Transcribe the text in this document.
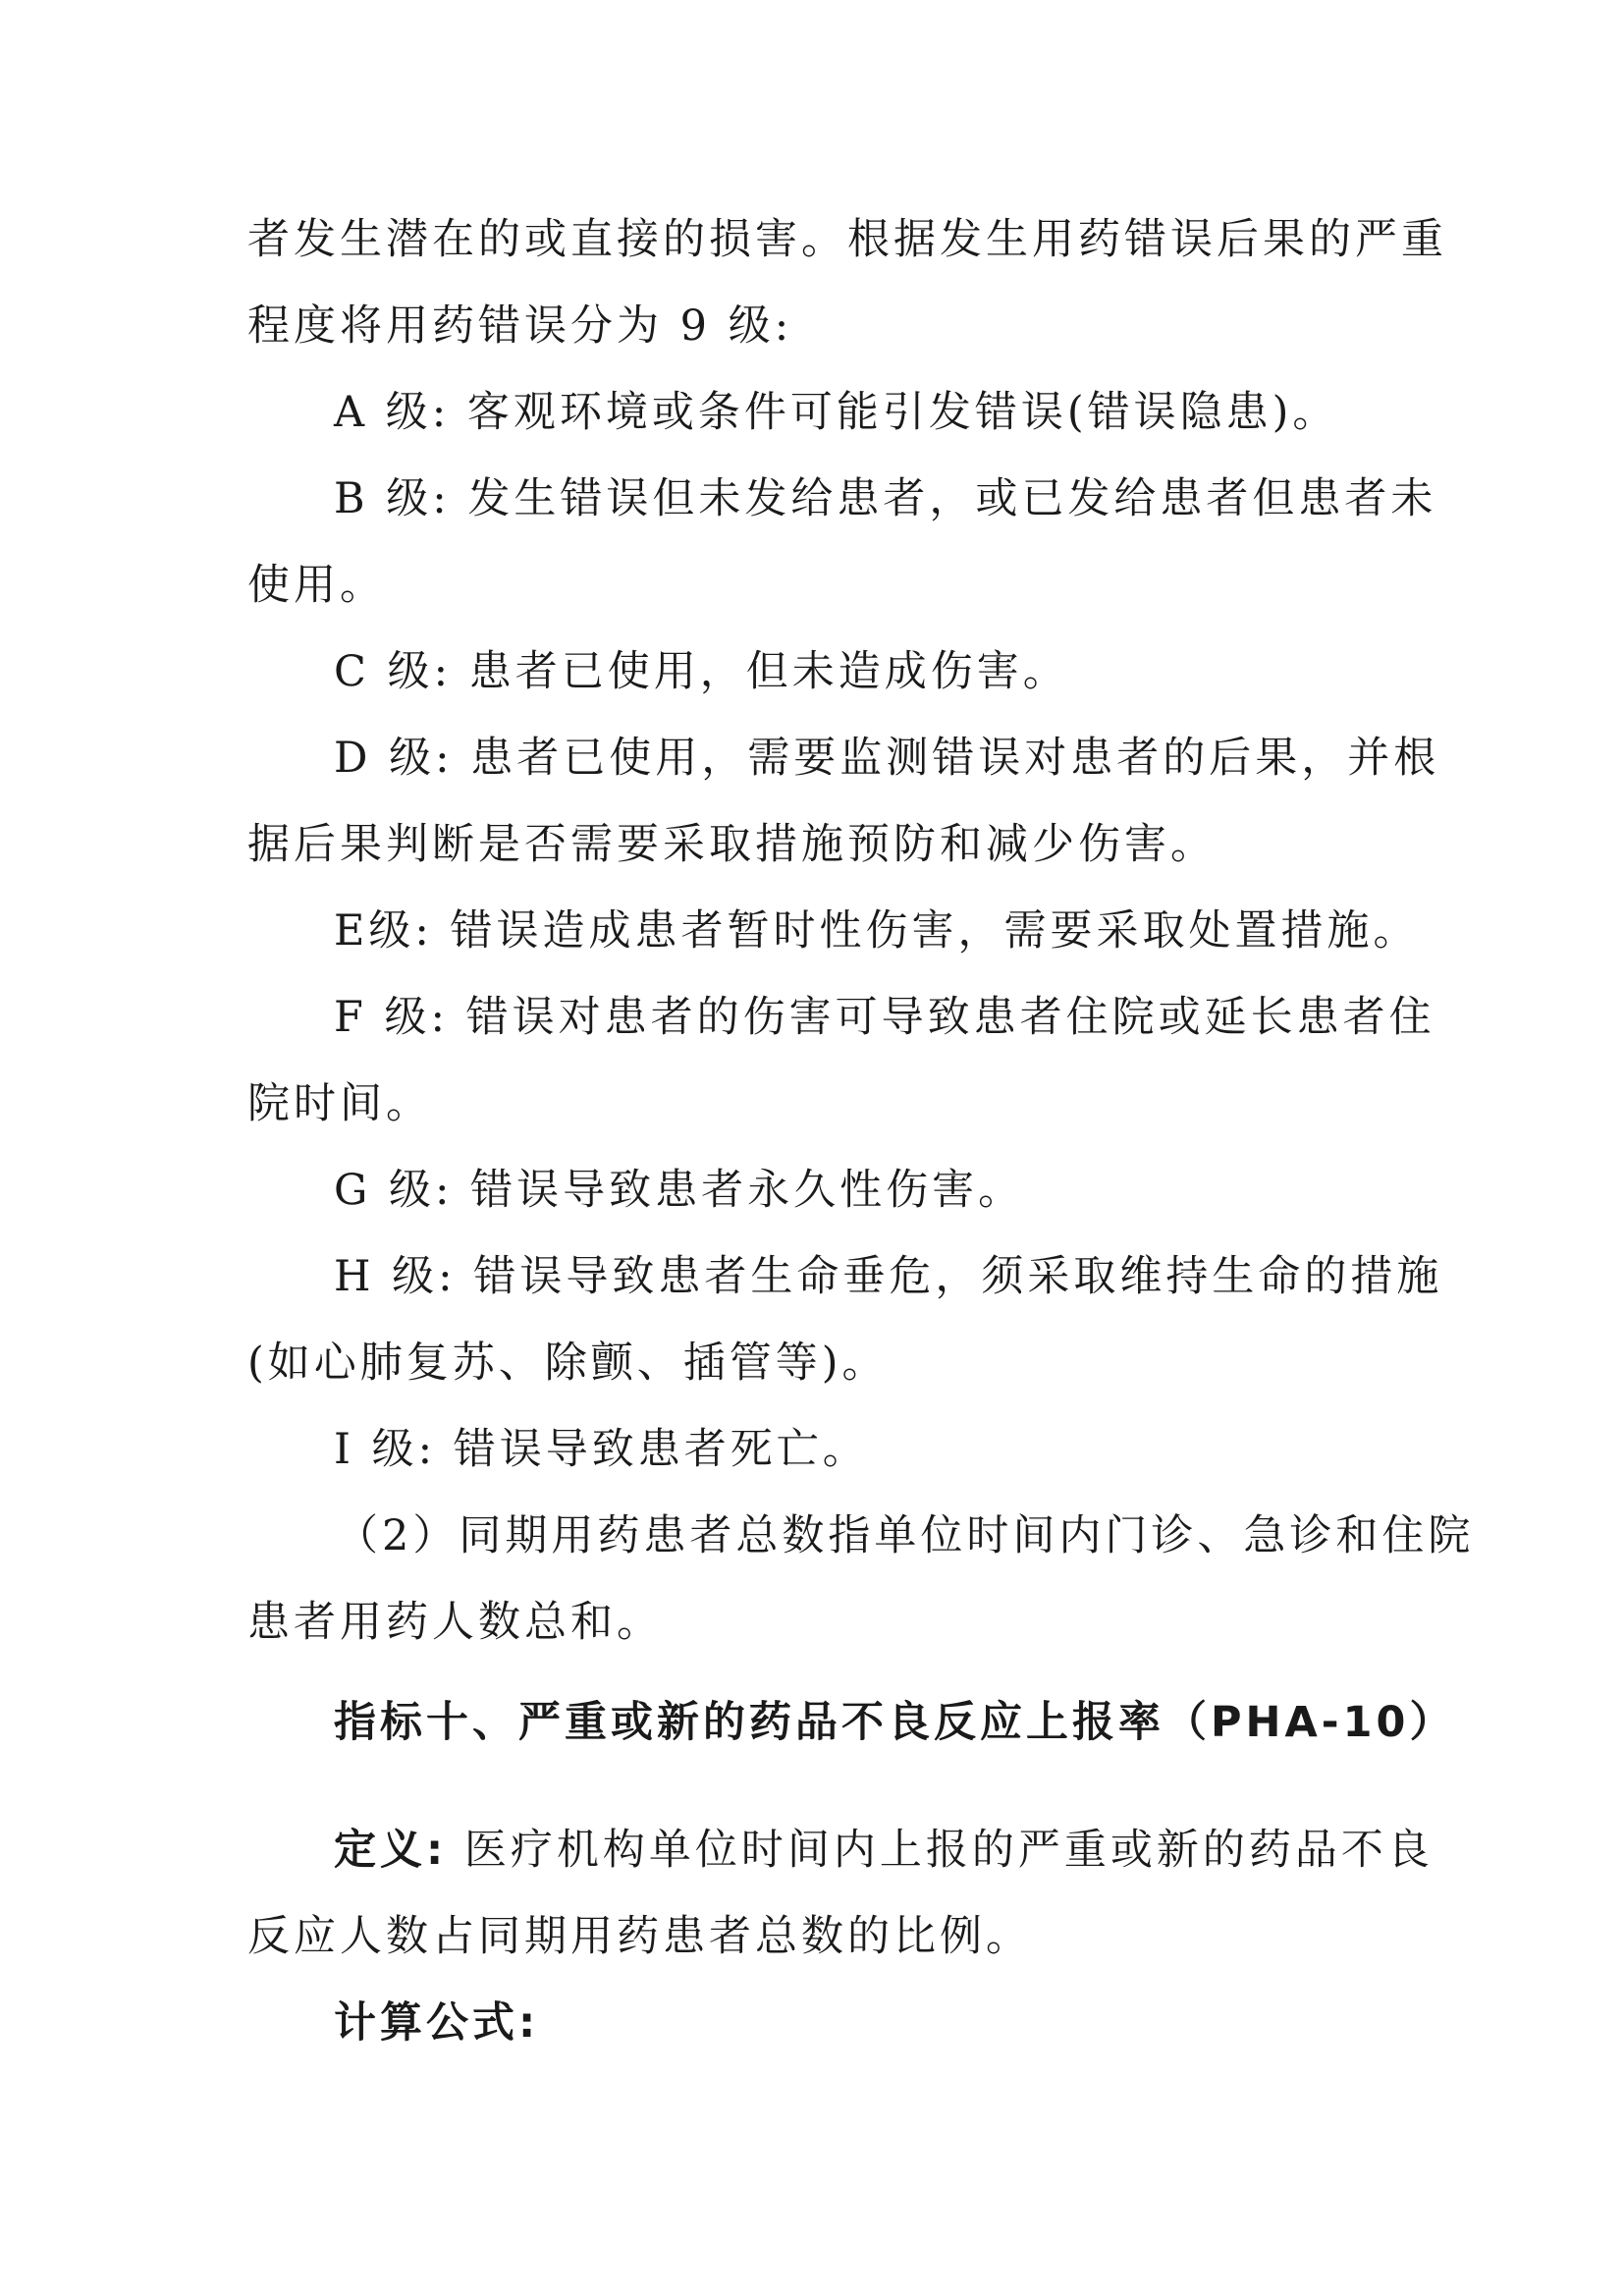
者发生潜在的或直接的损害。根据发生用药错误后果的严重
程度将用药错误分为 9 级:
A 级: 客观环境或条件可能引发错误(错误隐患)。
B 级: 发生错误但未发给患者，或已发给患者但患者未
使用。
C 级: 患者已使用，但未造成伤害。
D 级: 患者已使用，需要监测错误对患者的后果，并根
据后果判断是否需要采取措施预防和减少伤害。
E级: 错误造成患者暂时性伤害，需要采取处置措施。
F 级: 错误对患者的伤害可导致患者住院或延长患者住
院时间。
G 级: 错误导致患者永久性伤害。
H 级: 错误导致患者生命垂危，须采取维持生命的措施
(如心肺复苏、除颤、插管等)。
I 级: 错误导致患者死亡。
（2）同期用药患者总数指单位时间内门诊、急诊和住院
患者用药人数总和。
指标十、严重或新的药品不良反应上报率（PHA-10）
定义: 医疗机构单位时间内上报的严重或新的药品不良
反应人数占同期用药患者总数的比例。
计算公式:
